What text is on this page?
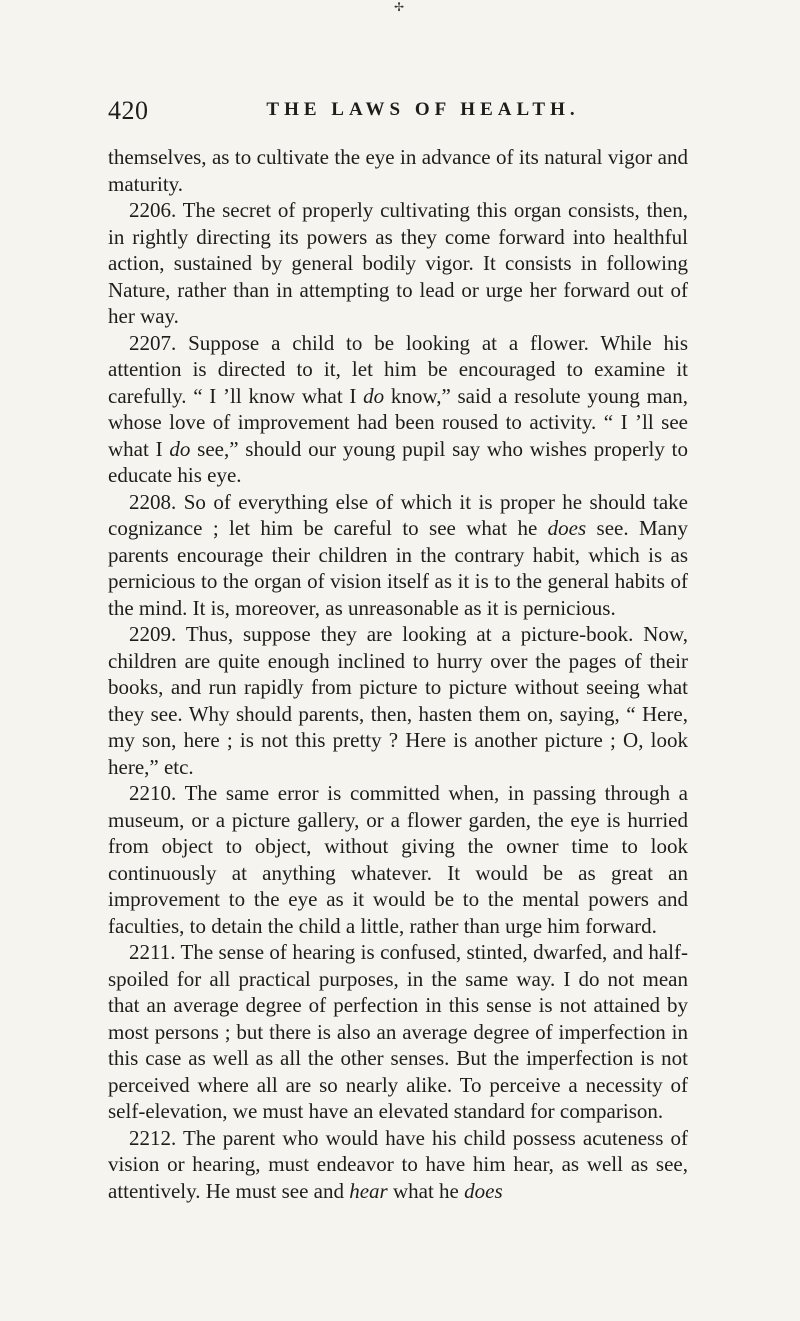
✢
420	THE LAWS OF HEALTH.

themselves, as to cultivate the eye in advance of its natural vigor and maturity.

2206. The secret of properly cultivating this organ consists, then, in rightly directing its powers as they come forward into healthful action, sustained by general bodily vigor. It consists in following Nature, rather than in attempting to lead or urge her forward out of her way.

2207. Suppose a child to be looking at a flower. While his attention is directed to it, let him be encouraged to examine it carefully. “ I ’ll know what I do know,” said a resolute young man, whose love of improvement had been roused to activity. “ I ’ll see what I do see,” should our young pupil say who wishes properly to educate his eye.

2208. So of everything else of which it is proper he should take cognizance ; let him be careful to see what he does see. Many parents encourage their children in the contrary habit, which is as pernicious to the organ of vision itself as it is to the general habits of the mind. It is, moreover, as unreasonable as it is pernicious.

2209. Thus, suppose they are looking at a picture-book. Now, children are quite enough inclined to hurry over the pages of their books, and run rapidly from picture to picture without seeing what they see. Why should parents, then, hasten them on, saying, “ Here, my son, here ; is not this pretty ? Here is another picture ; O, look here,” etc.

2210. The same error is committed when, in passing through a museum, or a picture gallery, or a flower garden, the eye is hurried from object to object, without giving the owner time to look continuously at anything whatever. It would be as great an improvement to the eye as it would be to the mental powers and faculties, to detain the child a little, rather than urge him forward.

2211. The sense of hearing is confused, stinted, dwarfed, and half-spoiled for all practical purposes, in the same way. I do not mean that an average degree of perfection in this sense is not attained by most persons ; but there is also an average degree of imperfection in this case as well as all the other senses. But the imperfection is not perceived where all are so nearly alike. To perceive a necessity of self-elevation, we must have an elevated standard for comparison.

2212. The parent who would have his child possess acuteness of vision or hearing, must endeavor to have him hear, as well as see, attentively. He must see and hear what he does
